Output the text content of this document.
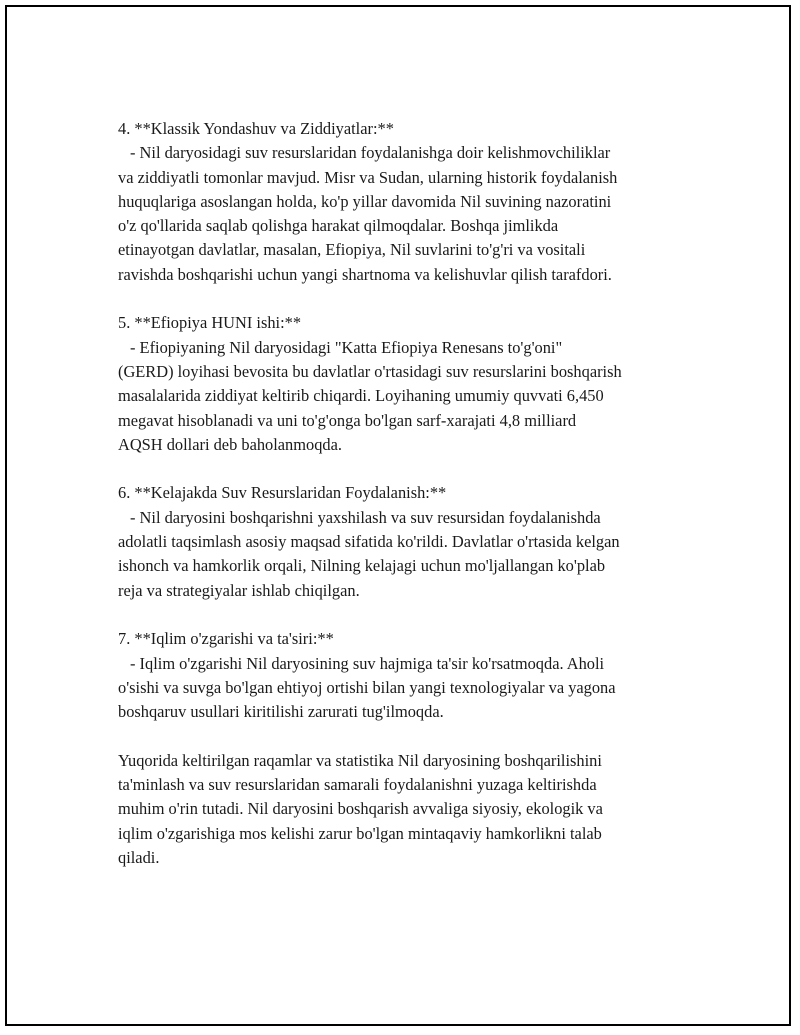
4. **Klassik Yondashuv va Ziddiyatlar:**
- Nil daryosidagi suv resurslaridan foydalanishga doir kelishmovchiliklar
va ziddiyatli tomonlar mavjud. Misr va Sudan, ularning historik foydalanish
huquqlariga asoslangan holda, ko'p yillar davomida Nil suvining nazoratini
o'z qo'llarida saqlab qolishga harakat qilmoqdalar. Boshqa jimlikda
etinayotgan davlatlar, masalan, Efiopiya, Nil suvlarini to'g'ri va vositali
ravishda boshqarishi uchun yangi shartnoma va kelishuvlar qilish tarafdori.
5. **Efiopiya HUNI ishi:**
- Efiopiyaning Nil daryosidagi "Katta Efiopiya Renesans to'g'oni"
(GERD) loyihasi bevosita bu davlatlar o'rtasidagi suv resurslarini boshqarish
masalalarida ziddiyat keltirib chiqardi. Loyihaning umumiy quvvati 6,450
megavat hisoblanadi va uni to'g'onga bo'lgan sarf-xarajati 4,8 milliard
AQSH dollari deb baholanmoqda.
6. **Kelajakda Suv Resurslaridan Foydalanish:**
- Nil daryosini boshqarishni yaxshilash va suv resursidan foydalanishda
adolatli taqsimlash asosiy maqsad sifatida ko'rildi. Davlatlar o'rtasida kelgan
ishonch va hamkorlik orqali, Nilning kelajagi uchun mo'ljallangan ko'plab
reja va strategiyalar ishlab chiqilgan.
7. **Iqlim o'zgarishi va ta'siri:**
- Iqlim o'zgarishi Nil daryosining suv hajmiga ta'sir ko'rsatmoqda. Aholi
o'sishi va suvga bo'lgan ehtiyoj ortishi bilan yangi texnologiyalar va yagona
boshqaruv usullari kiritilishi zarurati tug'ilmoqda.
Yuqorida keltirilgan raqamlar va statistika Nil daryosining boshqarilishini
ta'minlash va suv resurslaridan samarali foydalanishni yuzaga keltirishda
muhim o'rin tutadi. Nil daryosini boshqarish avvaliga siyosiy, ekologik va
iqlim o'zgarishiga mos kelishi zarur bo'lgan mintaqaviy hamkorlikni talab
qiladi.
